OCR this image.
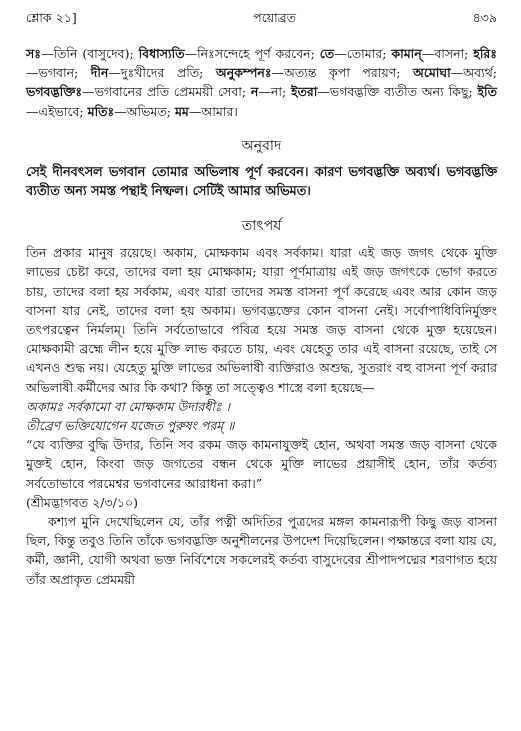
শ্লোক ২১]	পয়োব্রত	৪৩৯
সঃ—তিনি (বাসুদেব); বিধাস্যতি—নিঃসন্দেহে পূর্ণ করবেন; তে—তোমার; কামান্—বাসনা; হরিঃ—ভগবান; দীন—দুঃখীদের প্রতি; অনুকম্পনঃ—অত্যন্ত কৃপা পরায়ণ; অমোঘা—অব্যর্থ; ভগবদ্ভক্তিঃ—ভগবানের প্রতি প্রেমময়ী সেবা; ন—না; ইতরা—ভগবদ্ভক্তি ব্যতীত অন্য কিছু; ইতি—এইভাবে; মতিঃ—অভিমত; মম—আমার।
অনুবাদ
সেই দীনবৎসল ভগবান তোমার অভিলাষ পূর্ণ করবেন। কারণ ভগবদ্ভক্তি অব্যর্থ। ভগবদ্ভক্তি ব্যতীত অন্য সমস্ত পন্থাই নিষ্ফল। সেটিই আমার অভিমত।
তাৎপর্য

তিন প্রকার মানুষ রয়েছে। অকাম, মোক্ষকাম এবং সর্বকাম। যারা এই জড় জগৎ থেকে মুক্তি লাভের চেষ্টা করে, তাদের বলা হয় মোক্ষকাম; যারা পূর্ণমাত্রায় এই জড় জগৎকে ভোগ করতে চায়, তাদের বলা হয় সর্বকাম, এবং যারা তাদের সমস্ত বাসনা পূর্ণ করেছে এবং আর কোন জড় বাসনা যার নেই, তাদের বলা হয় অকাম। ভগবদ্ভক্তের কোন বাসনা নেই। সর্বোপাধিবিনির্মুক্তং তৎপরত্বেন নির্মলম্। তিনি সর্বতোভাবে পবিত্র হয়ে সমস্ত জড় বাসনা থেকে মুক্ত হয়েছেন। মোক্ষকামী ব্রহ্মে লীন হয়ে মুক্তি লাভ করতে চায়, এবং যেহেতু তার এই বাসনা রয়েছে, তাই সে এখনও শুদ্ধ নয়। যেহেতু মুক্তি লাভের অভিলাষী ব্যক্তিরাও অশুদ্ধ, সুতরাং বহু বাসনা পূর্ণ করার অভিলাষী কর্মীদের আর কি কথা? কিন্তু তা সত্ত্বেও শাস্ত্রে বলা হয়েছে—

অকামঃ সর্বকামো বা মোক্ষকাম উদারধীঃ ।

তীব্রেণ ভক্তিযোগেন যজেত পুরুষং পরম্ ॥

“যে ব্যক্তির বুদ্ধি উদার, তিনি সব রকম জড় কামনাযুক্তই হোন, অথবা সমস্ত জড় বাসনা থেকে মুক্তই হোন, কিংবা জড় জগতের বন্ধন থেকে মুক্তি লাভের প্রয়াসীই হোন, তাঁর কর্তব্য সর্বতোভাবে পরমেশ্বর ভগবানের আরাধনা করা।”

(শ্রীমদ্ভাগবত ২/৩/১০)

কশ্যপ মুনি দেখেছিলেন যে, তাঁর পত্নী অদিতির পুত্রদের মঙ্গল কামনারূপী কিছু জড় বাসনা ছিল, কিন্তু তবুও তিনি তাঁকে ভগবদ্ভক্তি অনুশীলনের উপদেশ দিয়েছিলেন। পক্ষান্তরে বলা যায় যে, কর্মী, জ্ঞানী, যোগী অথবা ভক্ত নির্বিশেষে সকলেরই কর্তব্য বাসুদেবের শ্রীপাদপদ্মের শরণাগত হয়ে তাঁর অপ্রাকৃত প্রেমময়ী
